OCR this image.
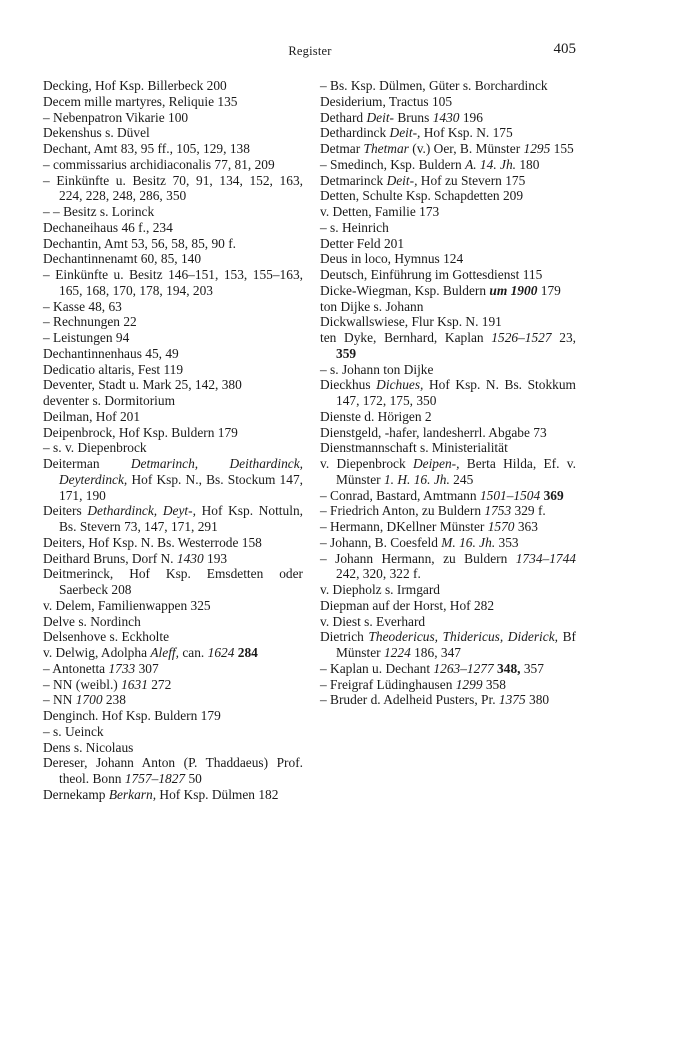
Register	405

Decking, Hof Ksp. Billerbeck 200

Decem mille martyres, Reliquie 135

– Nebenpatron Vikarie 100

Dekenshus s. Düvel

Dechant, Amt 83, 95 ff., 105, 129, 138

– commissarius archidiaconalis 77, 81, 209

– Einkünfte u. Besitz 70, 91, 134, 152, 163, 224, 228, 248, 286, 350

– – Besitz s. Lorinck

Dechaneihaus 46 f., 234

Dechantin, Amt 53, 56, 58, 85, 90 f.

Dechantinnenamt 60, 85, 140

– Einkünfte u. Besitz 146–151, 153, 155–163, 165, 168, 170, 178, 194, 203

– Kasse 48, 63

– Rechnungen 22

– Leistungen 94

Dechantinnenhaus 45, 49

Dedicatio altaris, Fest 119

Deventer, Stadt u. Mark 25, 142, 380

deventer s. Dormitorium

Deilman, Hof 201

Deipenbrock, Hof Ksp. Buldern 179

– s. v. Diepenbrock

Deiterman Detmarinch, Deithardinck, Deyterdinck, Hof Ksp. N., Bs. Stockum 147, 171, 190

Deiters Dethardinck, Deyt-, Hof Ksp. Nottuln, Bs. Stevern 73, 147, 171, 291

Deiters, Hof Ksp. N. Bs. Westerrode 158

Deithard Bruns, Dorf N. 1430 193

Deitmerinck, Hof Ksp. Emsdetten oder Saerbeck 208

v. Delem, Familienwappen 325

Delve s. Nordinch

Delsenhove s. Eckholte

v. Delwig, Adolpha Aleff, can. 1624 284

– Antonetta 1733 307

– NN (weibl.) 1631 272

– NN 1700 238

Denginch. Hof Ksp. Buldern 179

– s. Ueinck

Dens s. Nicolaus

Dereser, Johann Anton (P. Thaddaeus) Prof. theol. Bonn 1757–1827 50

Dernekamp Berkarn, Hof Ksp. Dülmen 182

– Bs. Ksp. Dülmen, Güter s. Borchardinck

Desiderium, Tractus 105

Dethard Deit- Bruns 1430 196

Dethardinck Deit-, Hof Ksp. N. 175

Detmar Thetmar (v.) Oer, B. Münster 1295 155

– Smedinch, Ksp. Buldern A. 14. Jh. 180

Detmarinck Deit-, Hof zu Stevern 175

Detten, Schulte Ksp. Schapdetten 209

v. Detten, Familie 173

– s. Heinrich

Detter Feld 201

Deus in loco, Hymnus 124

Deutsch, Einführung im Gottesdienst 115

Dicke-Wiegman, Ksp. Buldern um 1900 179

ton Dijke s. Johann

Dickwallswiese, Flur Ksp. N. 191

ten Dyke, Bernhard, Kaplan 1526–1527 23, 359

– s. Johann ton Dijke

Dieckhus Dichues, Hof Ksp. N. Bs. Stokkum 147, 172, 175, 350

Dienste d. Hörigen 2

Dienstgeld, -hafer, landesherrl. Abgabe 73

Dienstmannschaft s. Ministerialität

v. Diepenbrock Deipen-, Berta Hilda, Ef. v. Münster 1. H. 16. Jh. 245

– Conrad, Bastard, Amtmann 1501–1504 369

– Friedrich Anton, zu Buldern 1753 329 f.

– Hermann, DKellner Münster 1570 363

– Johann, B. Coesfeld M. 16. Jh. 353

– Johann Hermann, zu Buldern 1734–1744 242, 320, 322 f.

v. Diepholz s. Irmgard

Diepman auf der Horst, Hof 282

v. Diest s. Everhard

Dietrich Theodericus, Thidericus, Diderick, Bf Münster 1224 186, 347

– Kaplan u. Dechant 1263–1277 348, 357

– Freigraf Lüdinghausen 1299 358

– Bruder d. Adelheid Pusters, Pr. 1375 380
